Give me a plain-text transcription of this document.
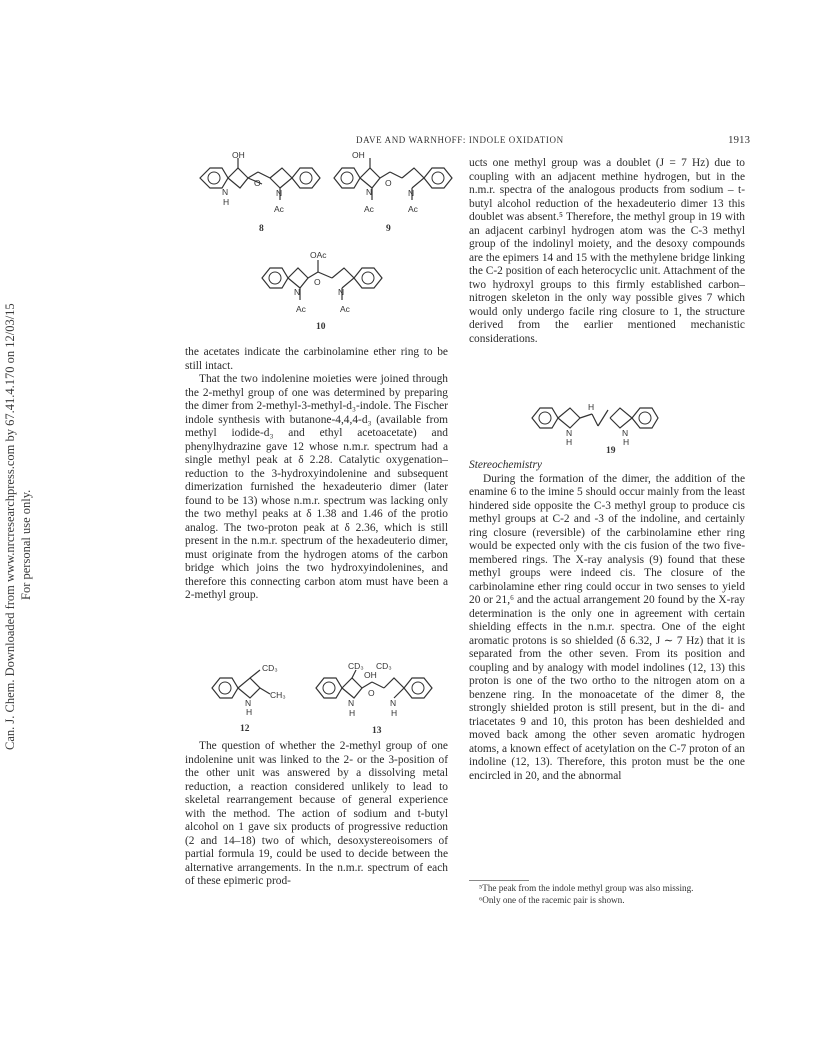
Can. J. Chem. Downloaded from www.nrcresearchpress.com by 67.41.4.170 on 12/03/15 For personal use only.
DAVE AND WARNHOFF: INDOLE OXIDATION	1913
OH
O
N
H
N
Ac
8
OH
O
N	N
Ac	Ac
9
OAc
O
N	N
Ac	Ac
10

the acetates indicate the carbinolamine ether ring to be still intact.

That the two indolenine moieties were joined through the 2-methyl group of one was determined by preparing the dimer from 2-methyl-3-methyl-d₃-indole. The Fischer indole synthesis with butanone-4,4,4-d₃ (available from methyl iodide-d₃ and ethyl acetoacetate) and phenylhydrazine gave 12 whose n.m.r. spectrum had a single methyl peak at δ 2.28. Catalytic oxygenation–reduction to the 3-hydroxyindolenine and subsequent dimerization furnished the hexadeuterio dimer (later found to be 13) whose n.m.r. spectrum was lacking only the two methyl peaks at δ 1.38 and 1.46 of the protio analog. The two-proton peak at δ 2.36, which is still present in the n.m.r. spectrum of the hexadeuterio dimer, must originate from the hydrogen atoms of the carbon bridge which joins the two hydroxyindolenines, and therefore this connecting carbon atom must have been a 2-methyl group.

CD₃
CH₃
N
H
12
CD₃ CD₃
OH
O
N
H
N
H
13

The question of whether the 2-methyl group of one indolenine unit was linked to the 2- or the 3-position of the other unit was answered by a dissolving metal reduction, a reaction considered unlikely to lead to skeletal rearrangement because of general experience with the method. The action of sodium and t-butyl alcohol on 1 gave six products of progressive reduction (2 and 14–18) two of which, desoxystereoisomers of partial formula 19, could be used to decide between the alternative arrangements. In the n.m.r. spectrum of each of these epimeric prod-

ucts one methyl group was a doublet (J = 7 Hz) due to coupling with an adjacent methine hydrogen, but in the n.m.r. spectra of the analogous products from sodium – t-butyl alcohol reduction of the hexadeuterio dimer 13 this doublet was absent.⁵ Therefore, the methyl group in 19 with an adjacent carbinyl hydrogen atom was the C-3 methyl group of the indolinyl moiety, and the desoxy compounds are the epimers 14 and 15 with the methylene bridge linking the C-2 position of each heterocyclic unit. Attachment of the two hydroxyl groups to this firmly established carbon–nitrogen skeleton in the only way possible gives 7 which would only undergo facile ring closure to 1, the structure derived from the earlier mentioned mechanistic considerations.

H
N
H
N
H
19

Stereochemistry

During the formation of the dimer, the addition of the enamine 6 to the imine 5 should occur mainly from the least hindered side opposite the C-3 methyl group to produce cis methyl groups at C-2 and -3 of the indoline, and certainly ring closure (reversible) of the carbinolamine ether ring would be expected only with the cis fusion of the two five-membered rings. The X-ray analysis (9) found that these methyl groups were indeed cis. The closure of the carbinolamine ether ring could occur in two senses to yield 20 or 21,⁶ and the actual arrangement 20 found by the X-ray determination is the only one in agreement with certain shielding effects in the n.m.r. spectra. One of the eight aromatic protons is so shielded (δ 6.32, J ∼ 7 Hz) that it is separated from the other seven. From its position and coupling and by analogy with model indolines (12, 13) this proton is one of the two ortho to the nitrogen atom on a benzene ring. In the monoacetate of the dimer 8, the strongly shielded proton is still present, but in the di- and triacetates 9 and 10, this proton has been deshielded and moved back among the other seven aromatic hydrogen atoms, a known effect of acetylation on the C-7 proton of an indoline (12, 13). Therefore, this proton must be the one encircled in 20, and the abnormal

⁵The peak from the indole methyl group was also missing.

⁶Only one of the racemic pair is shown.
